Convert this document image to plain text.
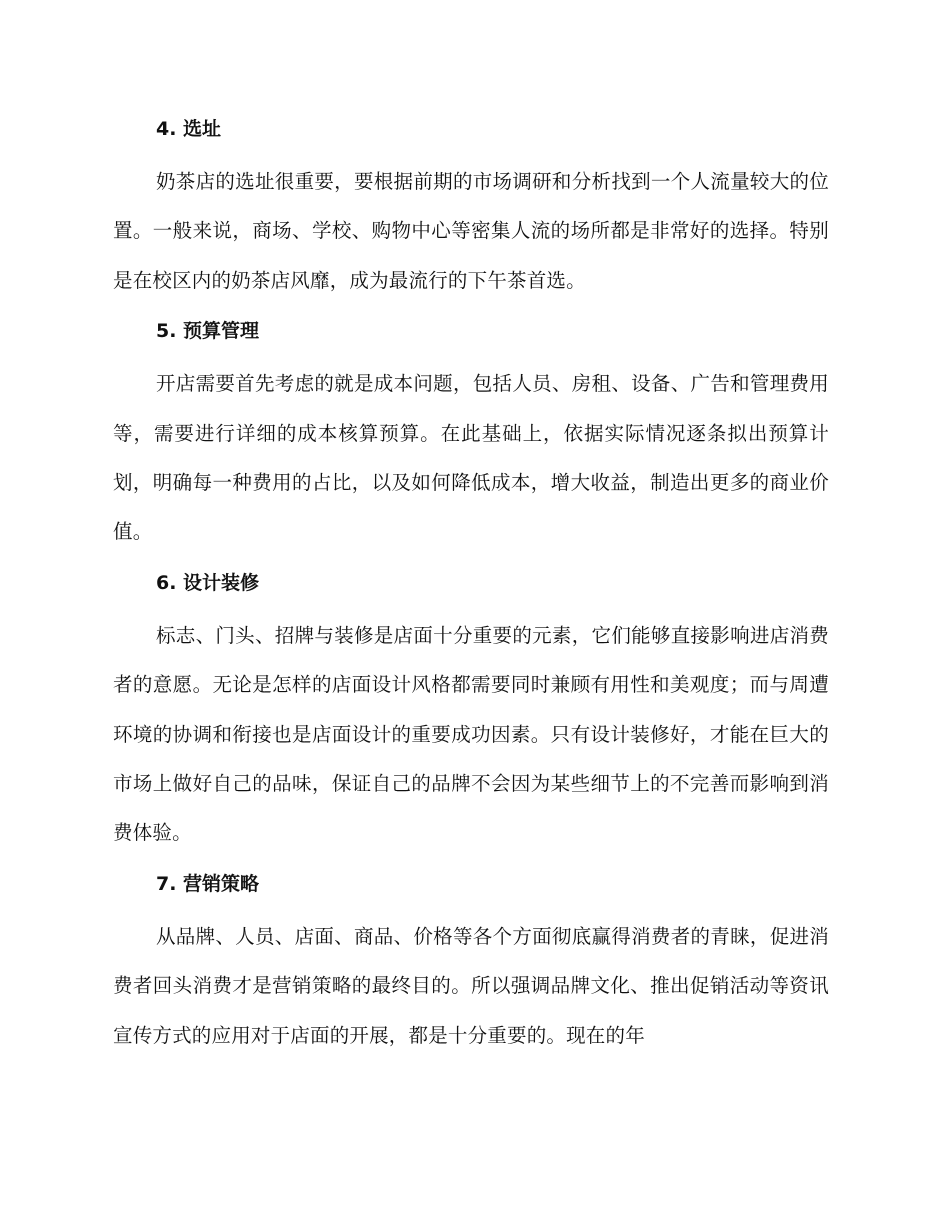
4. 选址

奶茶店的选址很重要，要根据前期的市场调研和分析找到一个人流量较大的位置。一般来说，商场、学校、购物中心等密集人流的场所都是非常好的选择。特别是在校区内的奶茶店风靡，成为最流行的下午茶首选。

5. 预算管理

开店需要首先考虑的就是成本问题，包括人员、房租、设备、广告和管理费用等，需要进行详细的成本核算预算。在此基础上，依据实际情况逐条拟出预算计划，明确每一种费用的占比，以及如何降低成本，增大收益，制造出更多的商业价值。

6. 设计装修

标志、门头、招牌与装修是店面十分重要的元素，它们能够直接影响进店消费者的意愿。无论是怎样的店面设计风格都需要同时兼顾有用性和美观度；而与周遭环境的协调和衔接也是店面设计的重要成功因素。只有设计装修好，才能在巨大的市场上做好自己的品味，保证自己的品牌不会因为某些细节上的不完善而影响到消费体验。

7. 营销策略

从品牌、人员、店面、商品、价格等各个方面彻底赢得消费者的青睐，促进消费者回头消费才是营销策略的最终目的。所以强调品牌文化、推出促销活动等资讯宣传方式的应用对于店面的开展，都是十分重要的。现在的年
